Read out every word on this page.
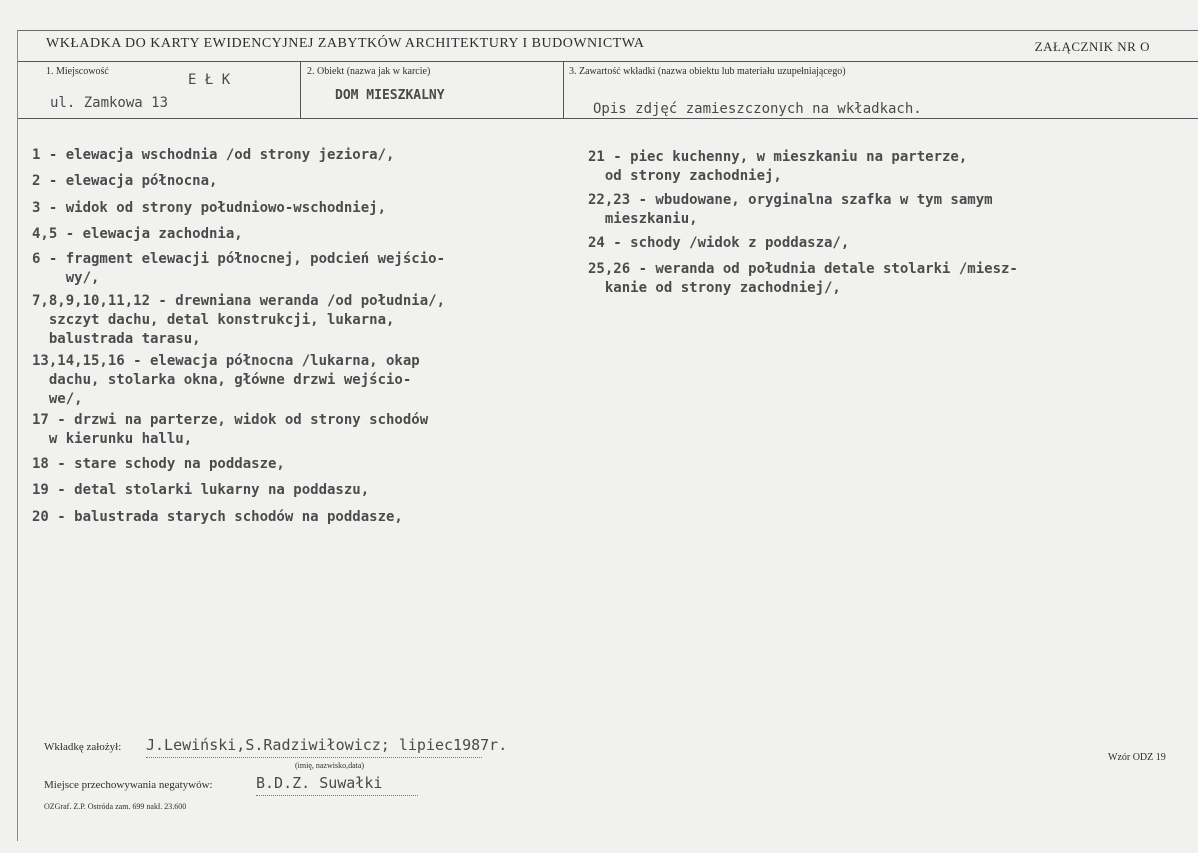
WKŁADKA DO KARTY EWIDENCYJNEJ ZABYTKÓW ARCHITEKTURY I BUDOWNICTWA	ZAŁĄCZNIK NR O
1. Miejscowość
E Ł K
ul. Zamkowa 13
2. Obiekt (nazwa jak w karcie)
DOM MIESZKALNY
3. Zawartość wkładki (nazwa obiektu lub materiału uzupełniającego)
Opis zdjęć zamieszczonych na wkładkach.
1 - elewacja wschodnia /od strony jeziora/,
2 - elewacja północna,
3 - widok od strony południowo-wschodniej,
4,5 - elewacja zachodnia,
6 - fragment elewacji północnej, podcień wejścio-
wy/,
7,8,9,10,11,12 - drewniana weranda /od południa/,
szczyt dachu, detal konstrukcji, lukarna,
balustrada tarasu,
13,14,15,16 - elewacja północna /lukarna, okap
dachu, stolarka okna, główne drzwi wejścio-
we/,
17 - drzwi na parterze, widok od strony schodów
w kierunku hallu,
18 - stare schody na poddasze,
19 - detal stolarki lukarny na poddaszu,
20 - balustrada starych schodów na poddasze,
21 - piec kuchenny, w mieszkaniu na parterze,
od strony zachodniej,
22,23 - wbudowane, oryginalna szafka w tym samym
mieszkaniu,
24 - schody /widok z poddasza/,
25,26 - weranda od południa detale stolarki /miesz-
kanie od strony zachodniej/,
Wkładkę założył: J.Lewiński,S.Radziwiłowicz; lipiec1987r.
(imię, nazwisko,data)
Miejsce przechowywania negatywów:	B.D.Z. Suwałki
OZGraf. Z.P. Ostróda zam. 699 nakł. 23.600
Wzór ODZ 19
